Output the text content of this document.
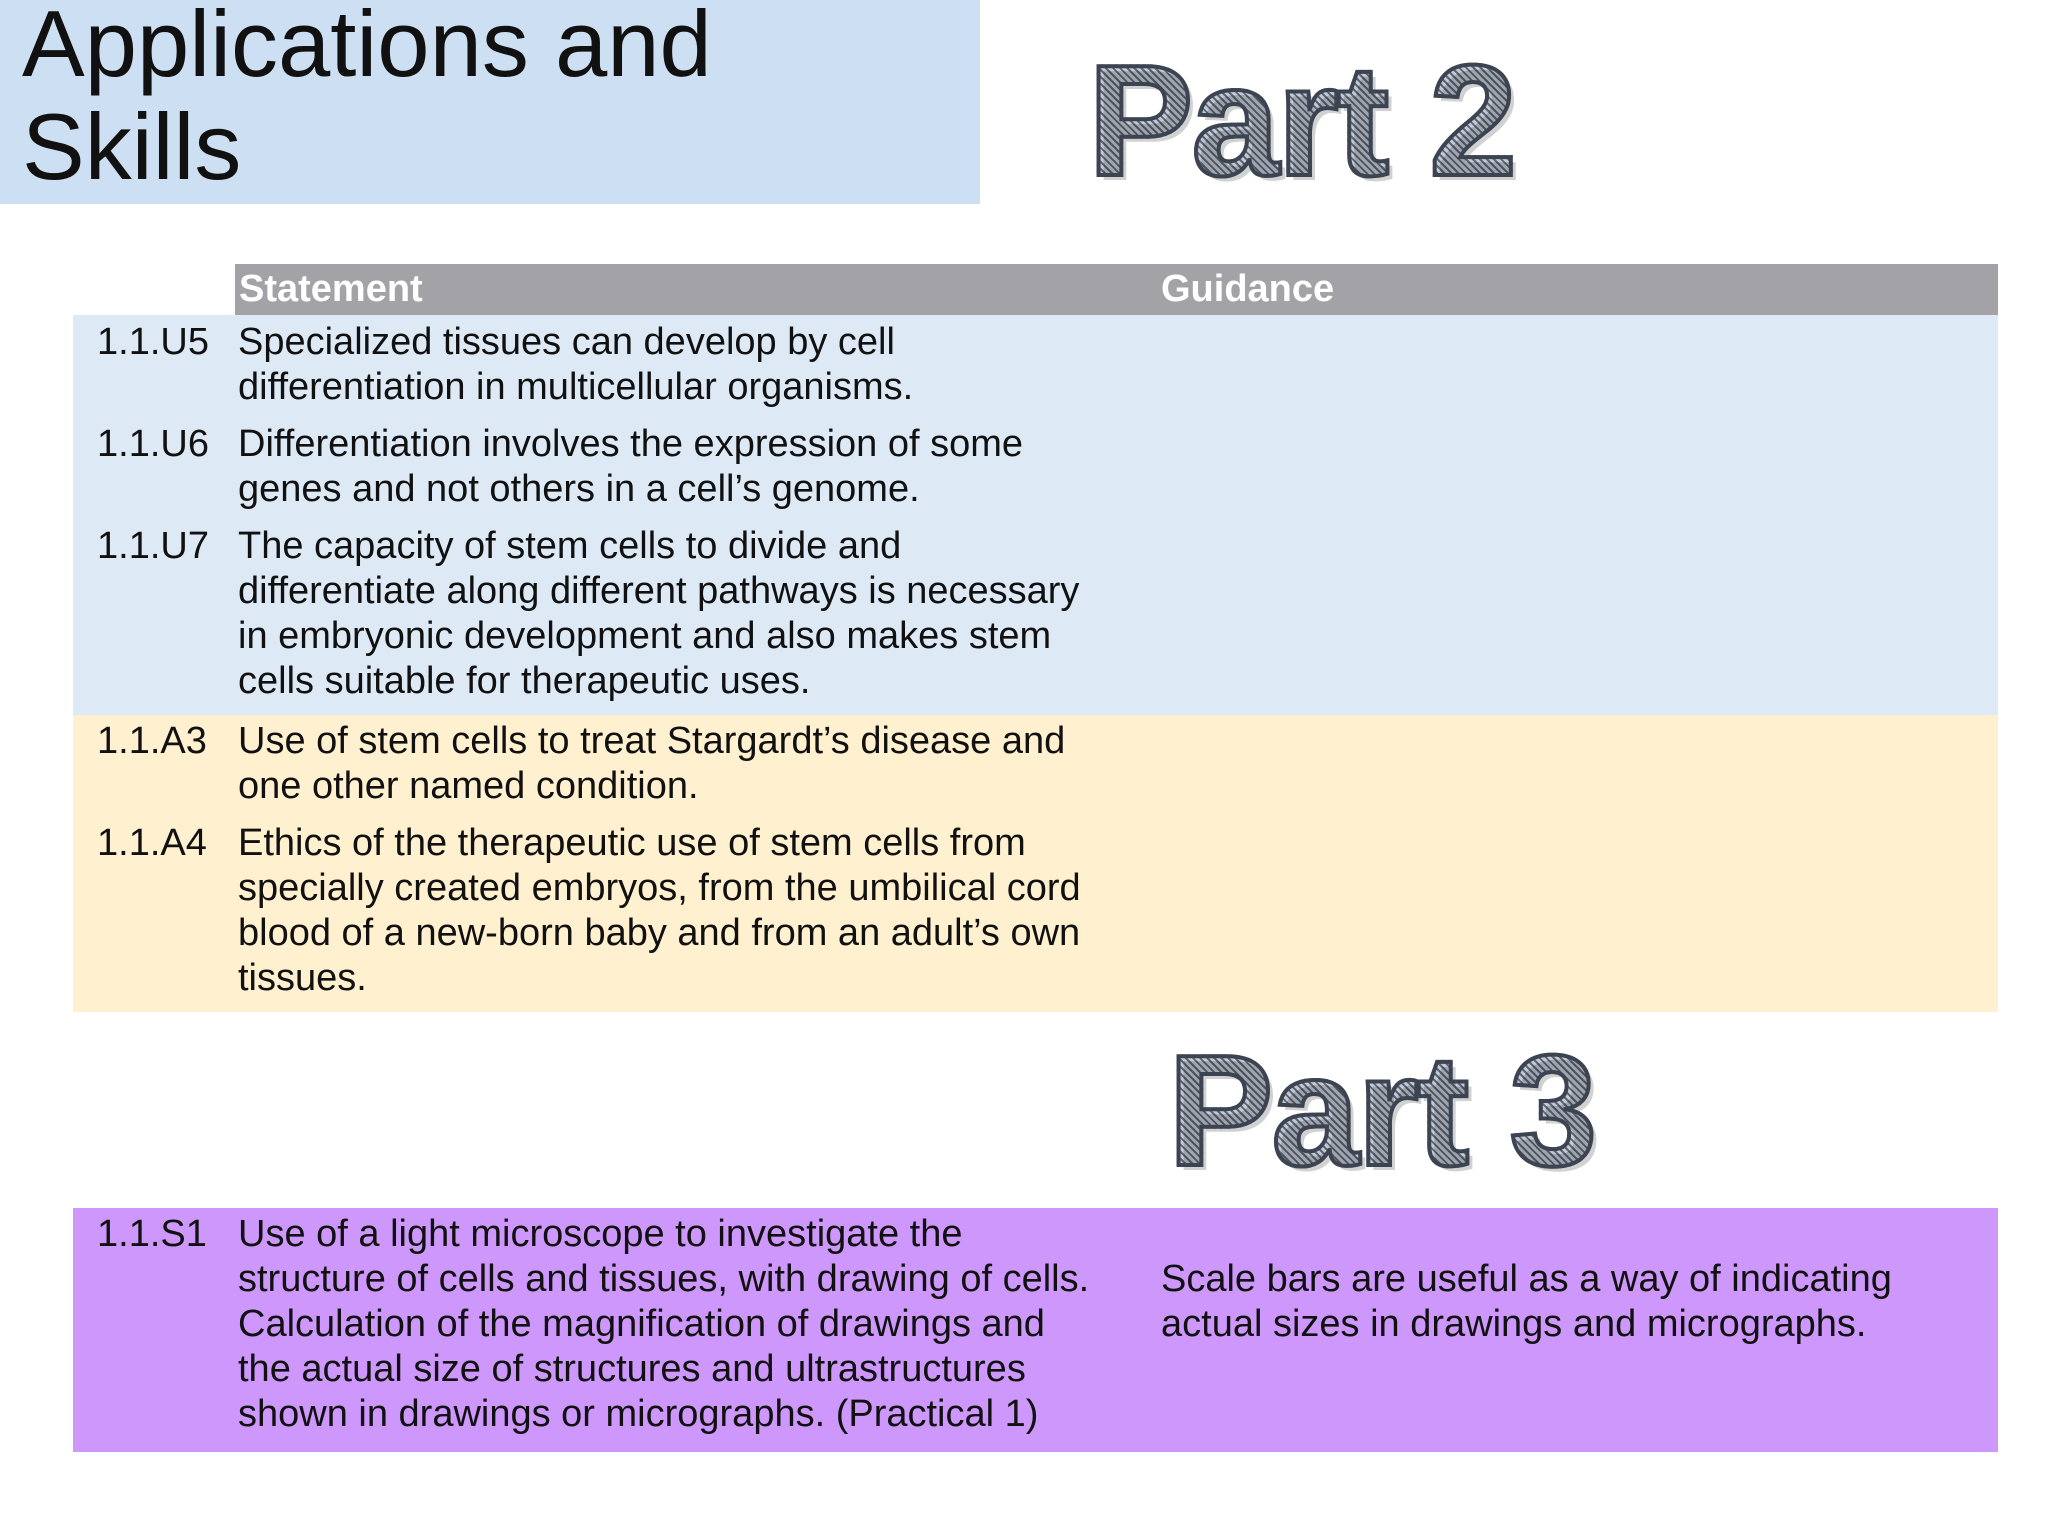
Applications and
Skills	Part 2
Statement	Guidance
1.1.U5 Specialized tissues can develop by cell
differentiation in multicellular organisms.
1.1.U6 Differentiation involves the expression of some
genes and not others in a cell’s genome.
1.1.U7 The capacity of stem cells to divide and
differentiate along different pathways is necessary
in embryonic development and also makes stem
cells suitable for therapeutic uses.
1.1.A3 Use of stem cells to treat Stargardt’s disease and
one other named condition.
1.1.A4 Ethics of the therapeutic use of stem cells from
specially created embryos, from the umbilical cord
blood of a new-born baby and from an adult’s own
tissues.
Part 3
1.1.S1 Use of a light microscope to investigate the
structure of cells and tissues, with drawing of cells.
Calculation of the magnification of drawings and
the actual size of structures and ultrastructures
shown in drawings or micrographs. (Practical 1)
Scale bars are useful as a way of indicating
actual sizes in drawings and micrographs.
